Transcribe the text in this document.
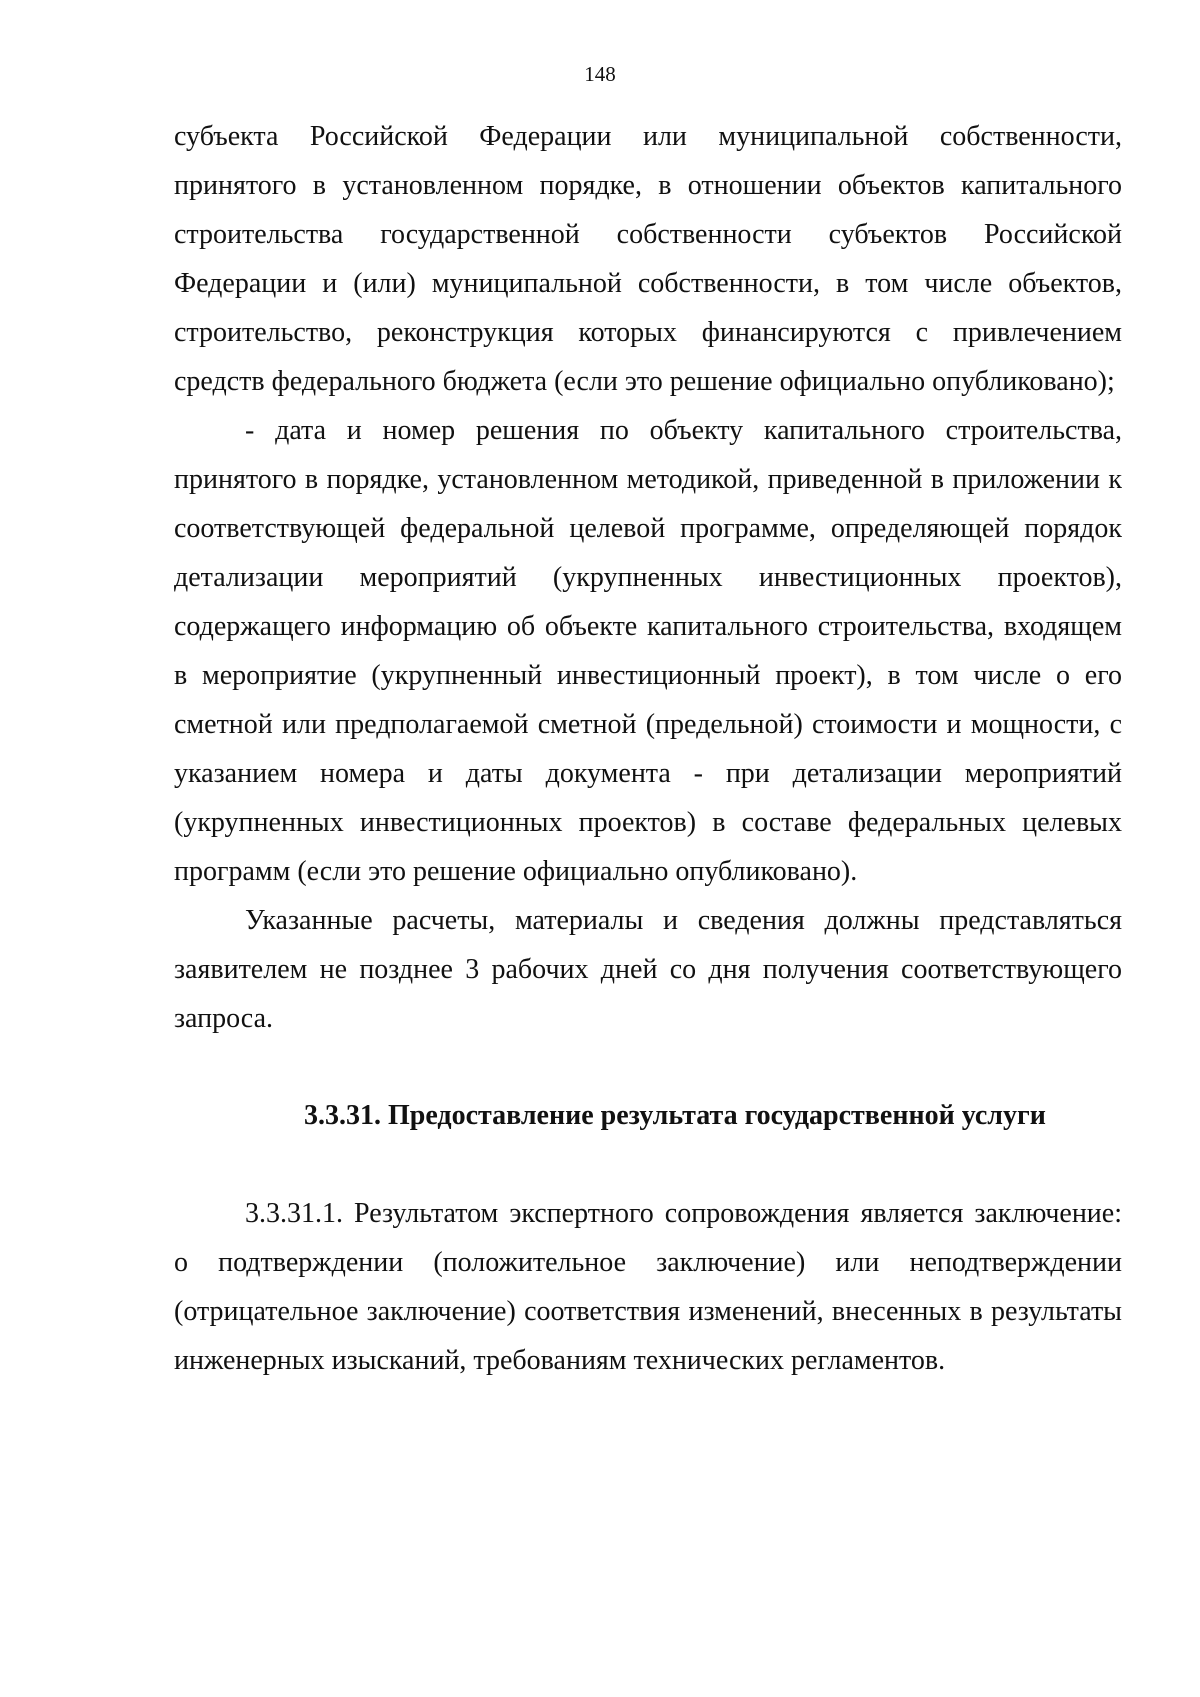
148

субъекта Российской Федерации или муниципальной собственности, принятого в установленном порядке, в отношении объектов капитального строительства государственной собственности субъектов Российской Федерации и (или) муниципальной собственности, в том числе объектов, строительство, реконструкция которых финансируются с привлечением средств федерального бюджета (если это решение официально опубликовано);

- дата и номер решения по объекту капитального строительства, принятого в порядке, установленном методикой, приведенной в приложении к соответствующей федеральной целевой программе, определяющей порядок детализации мероприятий (укрупненных инвестиционных проектов), содержащего информацию об объекте капитального строительства, входящем в мероприятие (укрупненный инвестиционный проект), в том числе о его сметной или предполагаемой сметной (предельной) стоимости и мощности, с указанием номера и даты документа - при детализации мероприятий (укрупненных инвестиционных проектов) в составе федеральных целевых программ (если это решение официально опубликовано).

Указанные расчеты, материалы и сведения должны представляться заявителем не позднее 3 рабочих дней со дня получения соответствующего запроса.

3.3.31. Предоставление результата государственной услуги

3.3.31.1. Результатом экспертного сопровождения является заключение: о подтверждении (положительное заключение) или неподтверждении (отрицательное заключение) соответствия изменений, внесенных в результаты инженерных изысканий, требованиям технических регламентов.
